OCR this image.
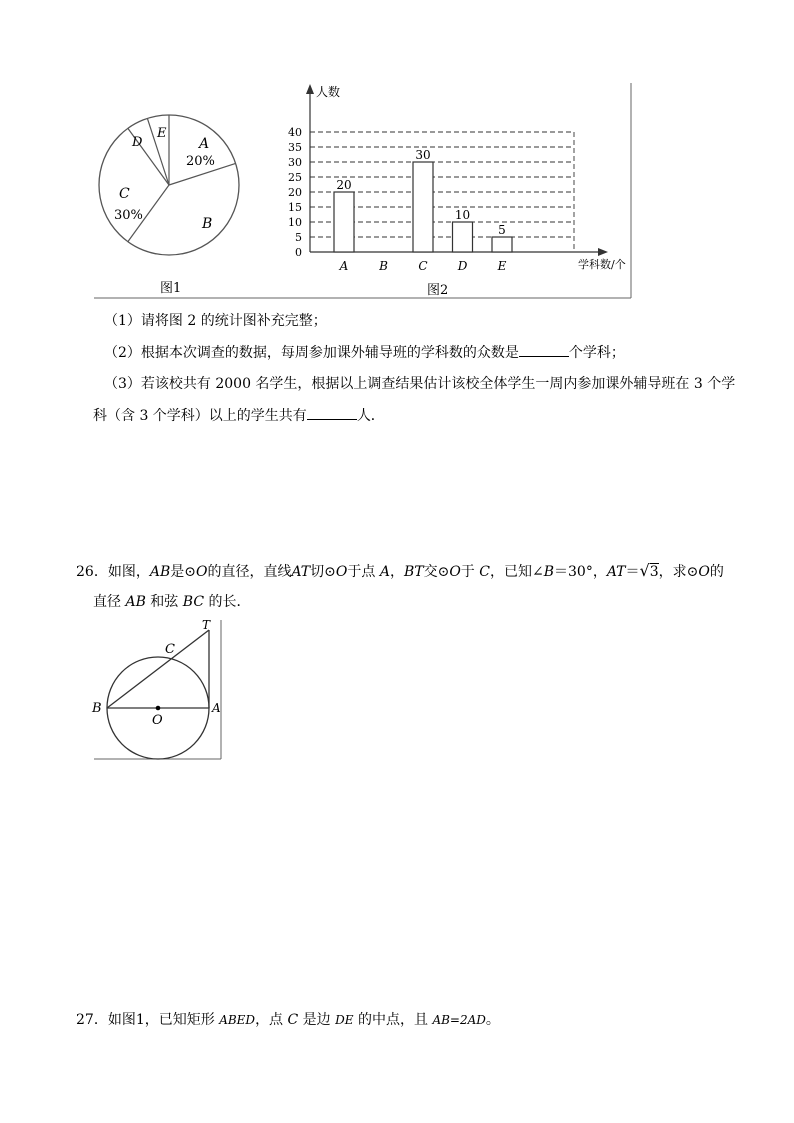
A
20%
B
C
30%
D
E
图1
人数
学科数/个
0
5
10
15
20
25
30
35
40
20
30
10
5
A	B	C	D	E
图2
（1）请将图 2 的统计图补充完整；
（2）根据本次调查的数据，每周参加课外辅导班的学科数的众数是	个学科；
（3）若该校共有 2000 名学生，根据以上调查结果估计该校全体学生一周内参加课外辅导班在 3 个学
科（含 3 个学科）以上的学生共有	人．
26．如图，AB是⊙O的直径，直线AT切⊙O于点 A，BT交⊙O于 C，已知∠B＝30°，AT＝√3，求⊙O的
直径 AB 和弦 BC 的长．
T
C
B
O
A
27．如图1，已知矩形 ABED，点 C 是边 DE 的中点，且 AB=2AD。
